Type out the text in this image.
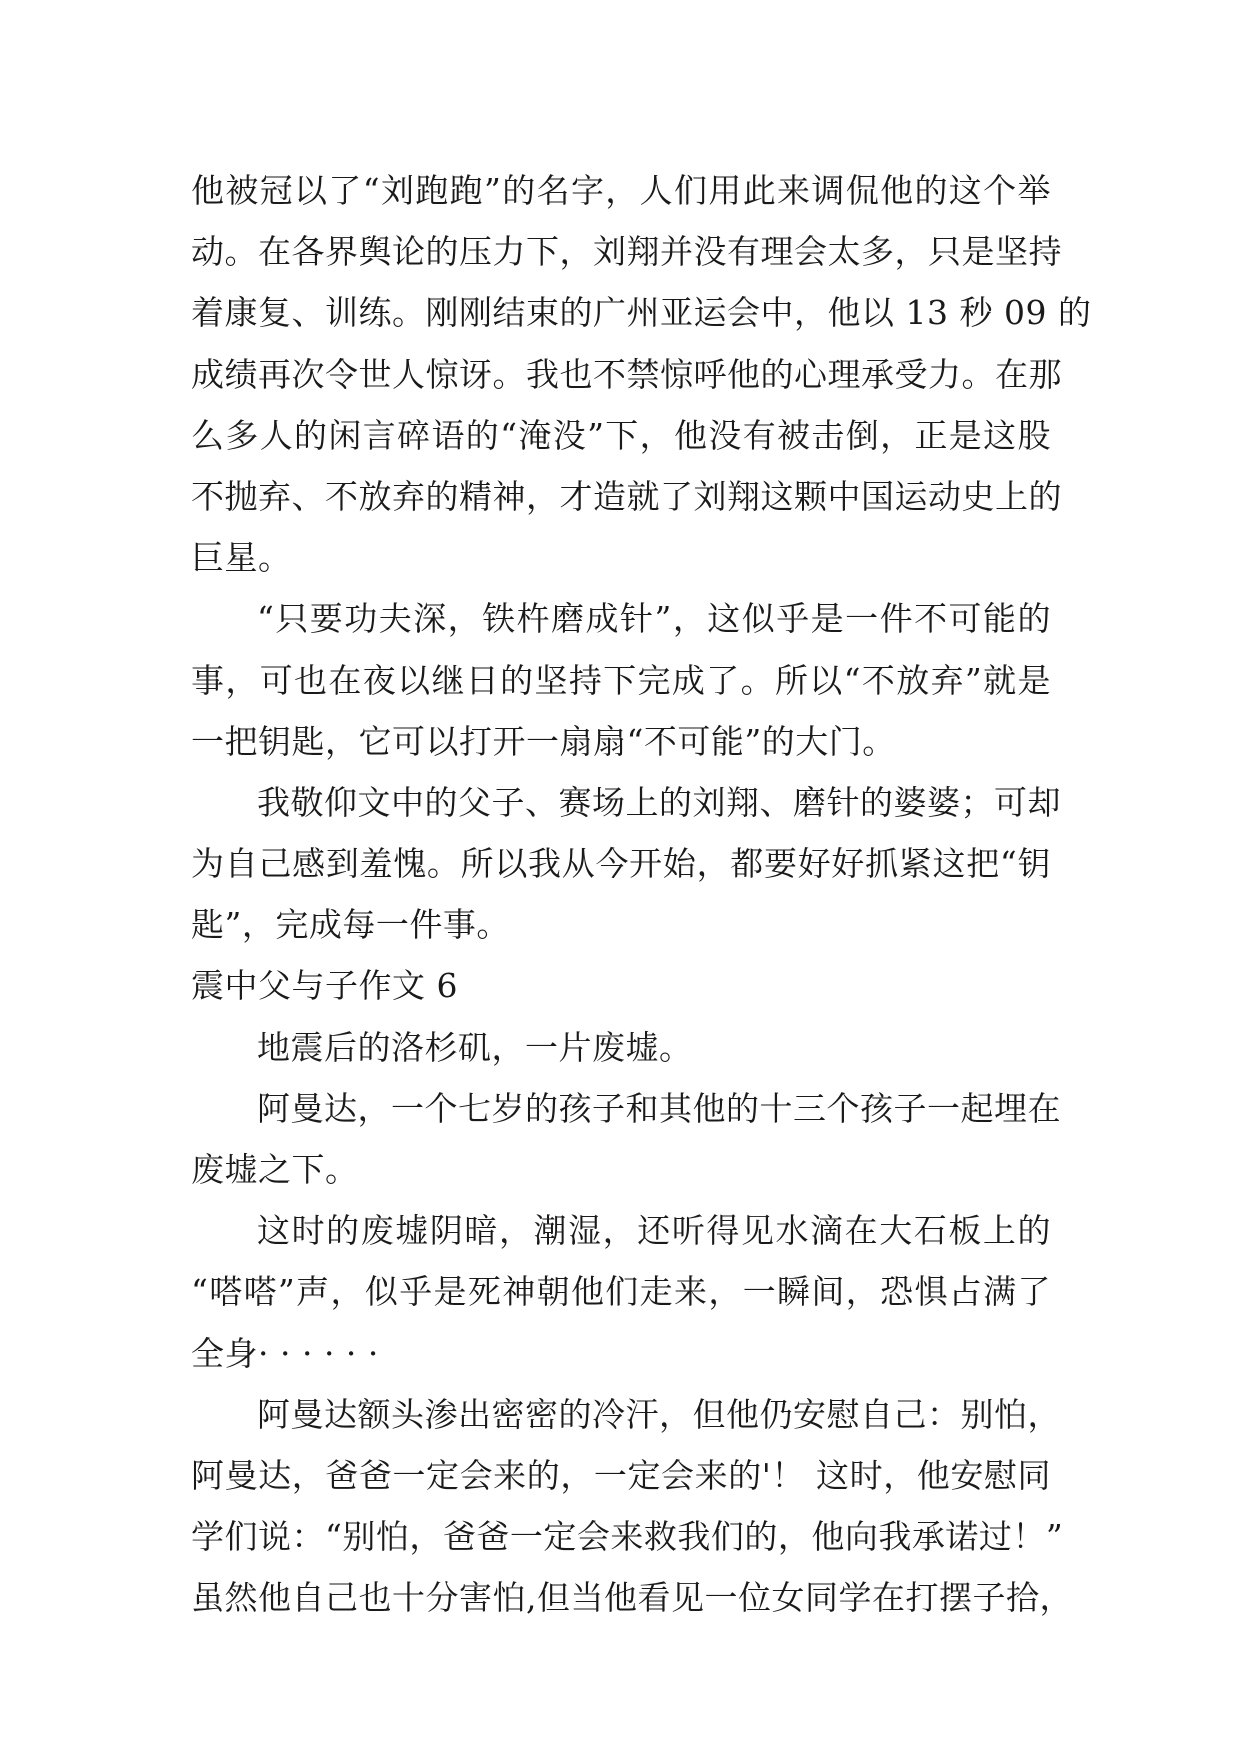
他被冠以了“刘跑跑”的名字，人们用此来调侃他的这个举
动。在各界舆论的压力下，刘翔并没有理会太多，只是坚持
着康复、训练。刚刚结束的广州亚运会中，他以 13 秒 09 的
成绩再次令世人惊讶。我也不禁惊呼他的心理承受力。在那
么多人的闲言碎语的“淹没”下，他没有被击倒，正是这股
不抛弃、不放弃的精神，才造就了刘翔这颗中国运动史上的
巨星。
“只要功夫深，铁杵磨成针”，这似乎是一件不可能的
事，可也在夜以继日的坚持下完成了。所以“不放弃”就是
一把钥匙，它可以打开一扇扇“不可能”的大门。
我敬仰文中的父子、赛场上的刘翔、磨针的婆婆；可却
为自己感到羞愧。所以我从今开始，都要好好抓紧这把“钥
匙”，完成每一件事。
震中父与子作文 6
地震后的洛杉矶，一片废墟。
阿曼达，一个七岁的孩子和其他的十三个孩子一起埋在
废墟之下。
这时的废墟阴暗，潮湿，还听得见水滴在大石板上的
“嗒嗒”声，似乎是死神朝他们走来，一瞬间，恐惧占满了
全身· · · · · ·
阿曼达额头渗出密密的冷汗，但他仍安慰自己：别怕，
阿曼达，爸爸一定会来的，一定会来的'！ 这时，他安慰同
学们说：“别怕，爸爸一定会来救我们的，他向我承诺过！”
虽然他自己也十分害怕,但当他看见一位女同学在打摆子拾，
